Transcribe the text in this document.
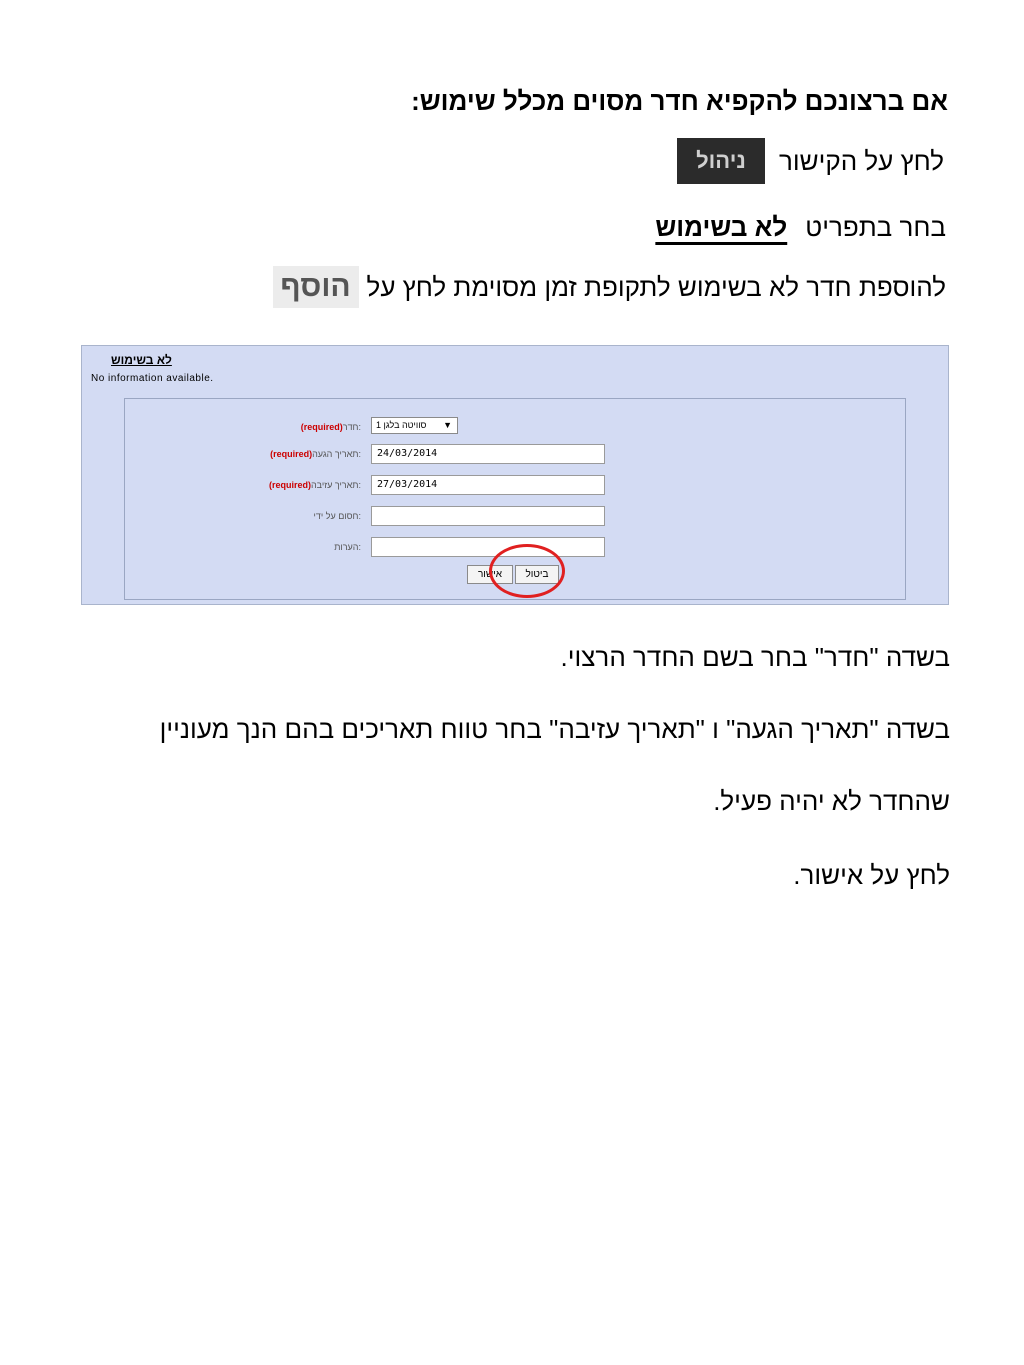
אם ברצונכם להקפיא חדר מסוים מכלל שימוש:
לחץ על הקישור
ניהול
בחר בתפריט
לא בשימוש
להוספת חדר לא בשימוש לתקופת זמן מסוימת לחץ על
הוסף
לא בשימוש
No information available.
:חדר(required)	סוויטה בלגן 1 ▼
:תאריך הגעה(required)	24/03/2014
:תאריך עזיבה(required)	27/03/2014
:חסום על ידי
:הערות
אישור	ביטול
בשדה "חדר" בחר בשם החדר הרצוי.
בשדה "תאריך הגעה" ו "תאריך עזיבה" בחר טווח תאריכים בהם הנך מעוניין
שהחדר לא יהיה פעיל.
לחץ על אישור.
